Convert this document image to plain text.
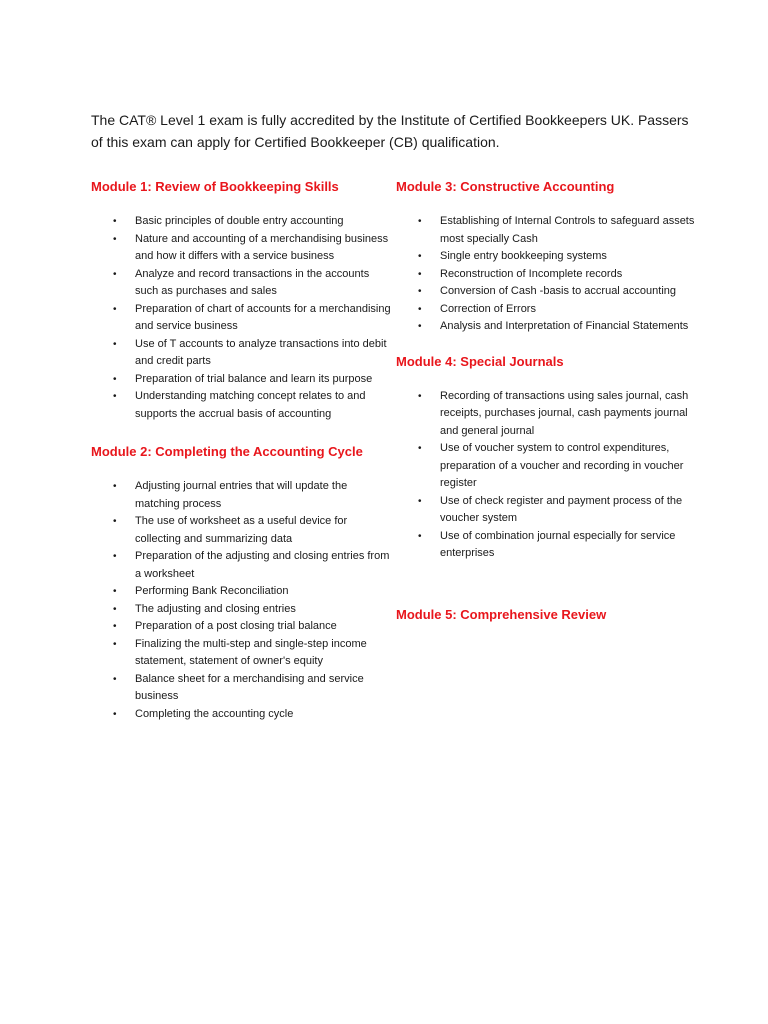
The CAT® Level 1 exam is fully accredited by the Institute of Certified Bookkeepers UK. Passers of this exam can apply for Certified Bookkeeper (CB) qualification.

Module 1: Review of Bookkeeping Skills
• Basic principles of double entry accounting
• Nature and accounting of a merchandising business and how it differs with a service business
• Analyze and record transactions in the accounts such as purchases and sales
• Preparation of chart of accounts for a merchandising and service business
• Use of T accounts to analyze transactions into debit and credit parts
• Preparation of trial balance and learn its purpose
• Understanding matching concept relates to and supports the accrual basis of accounting
Module 2: Completing the Accounting Cycle
• Adjusting journal entries that will update the matching process
• The use of worksheet as a useful device for collecting and summarizing data
• Preparation of the adjusting and closing entries from a worksheet
• Performing Bank Reconciliation
• The adjusting and closing entries
• Preparation of a post closing trial balance
• Finalizing the multi-step and single-step income statement, statement of owner's equity
• Balance sheet for a merchandising and service business
• Completing the accounting cycle
Module 3: Constructive Accounting
• Establishing of Internal Controls to safeguard assets most specially Cash
• Single entry bookkeeping systems
• Reconstruction of Incomplete records
• Conversion of Cash -basis to accrual accounting
• Correction of Errors
• Analysis and Interpretation of Financial Statements
Module 4: Special Journals
• Recording of transactions using sales journal, cash receipts, purchases journal, cash payments journal and general journal
• Use of voucher system to control expenditures, preparation of a voucher and recording in voucher register
• Use of check register and payment process of the voucher system
• Use of combination journal especially for service enterprises
Module 5: Comprehensive Review
